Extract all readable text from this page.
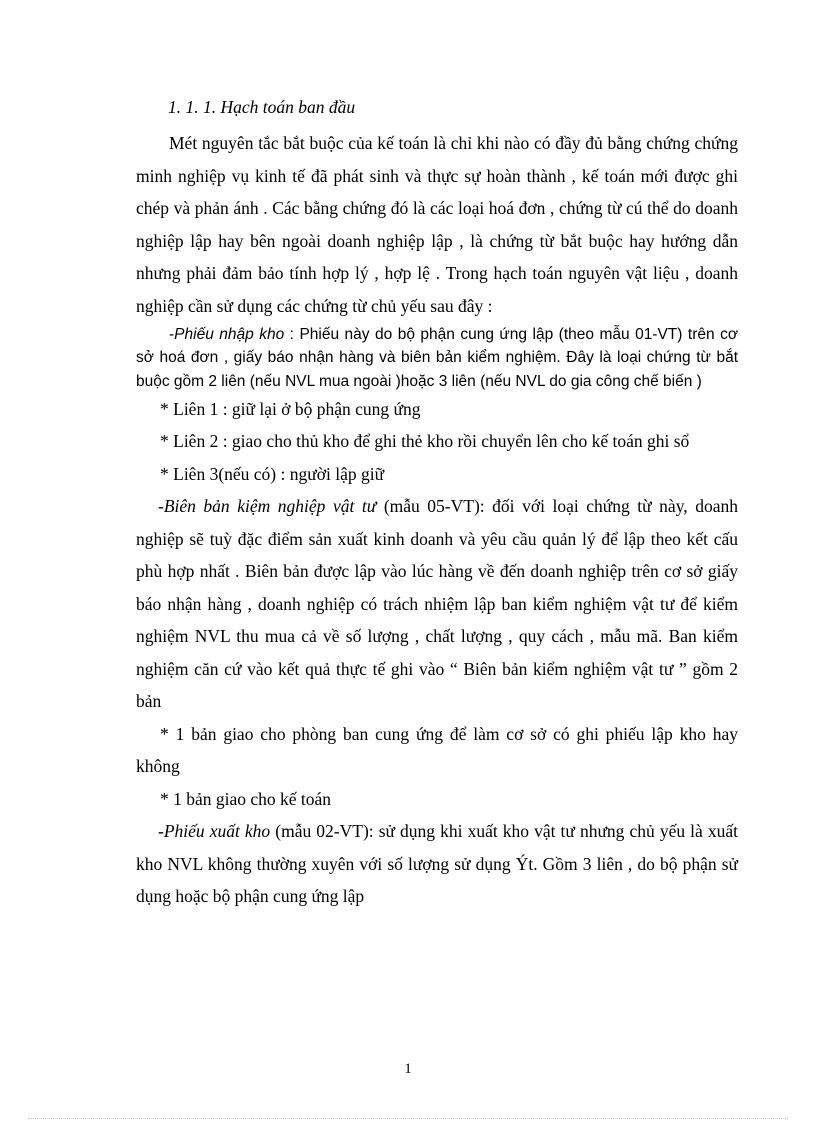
1. 1. 1. Hạch toán ban đầu

Mét nguyên tắc bắt buộc của kế toán là chỉ khi nào có đầy đủ bằng chứng chứng minh nghiệp vụ kinh tế đã phát sinh và thực sự hoàn thành , kế toán mới được ghi chép và phản ánh . Các bằng chứng đó là các loại hoá đơn , chứng từ cú thể do doanh nghiệp lập hay bên ngoài doanh nghiệp lập , là chứng từ bắt buộc hay hướng dẫn nhưng phải đảm bảo tính hợp lý , hợp lệ . Trong hạch toán nguyên vật liệu , doanh nghiệp cần sử dụng các chứng từ chủ yếu sau đây :

-Phiếu nhập kho : Phiếu này do bộ phận cung ứng lập (theo mẫu 01-VT) trên cơ sở hoá đơn , giấy báo nhận hàng và biên bản kiểm nghiệm. Đây là loại chứng từ bắt buộc gồm 2 liên (nếu NVL mua ngoài )hoặc 3 liên (nếu NVL do gia công chế biến )

* Liên 1 : giữ lại ở bộ phận cung ứng

* Liên 2 : giao cho thủ kho để ghi thẻ kho rồi chuyển lên cho kế toán ghi sổ

* Liên 3(nếu có) : người lập giữ

-Biên bản kiệm nghiệp vật tư (mẫu 05-VT): đối với loại chứng từ này, doanh nghiệp sẽ tuỳ đặc điểm sản xuất kinh doanh và yêu cầu quản lý để lập theo kết cấu phù hợp nhất . Biên bản được lập vào lúc hàng về đến doanh nghiệp trên cơ sở giấy báo nhận hàng , doanh nghiệp có trách nhiệm lập ban kiểm nghiệm vật tư để kiểm nghiệm NVL thu mua cả về số lượng , chất lượng , quy cách , mẫu mã. Ban kiểm nghiệm căn cứ vào kết quả thực tế ghi vào “ Biên bản kiểm nghiệm vật tư ” gồm 2 bản

* 1 bản giao cho phòng ban cung ứng để làm cơ sở có ghi phiếu lập kho hay không

* 1 bản giao cho kế toán

-Phiếu xuất kho (mẫu 02-VT): sử dụng khi xuất kho vật tư nhưng chủ yếu là xuất kho NVL không thường xuyên với số lượng sử dụng Ýt. Gồm 3 liên , do bộ phận sử dụng hoặc bộ phận cung ứng lập

1
